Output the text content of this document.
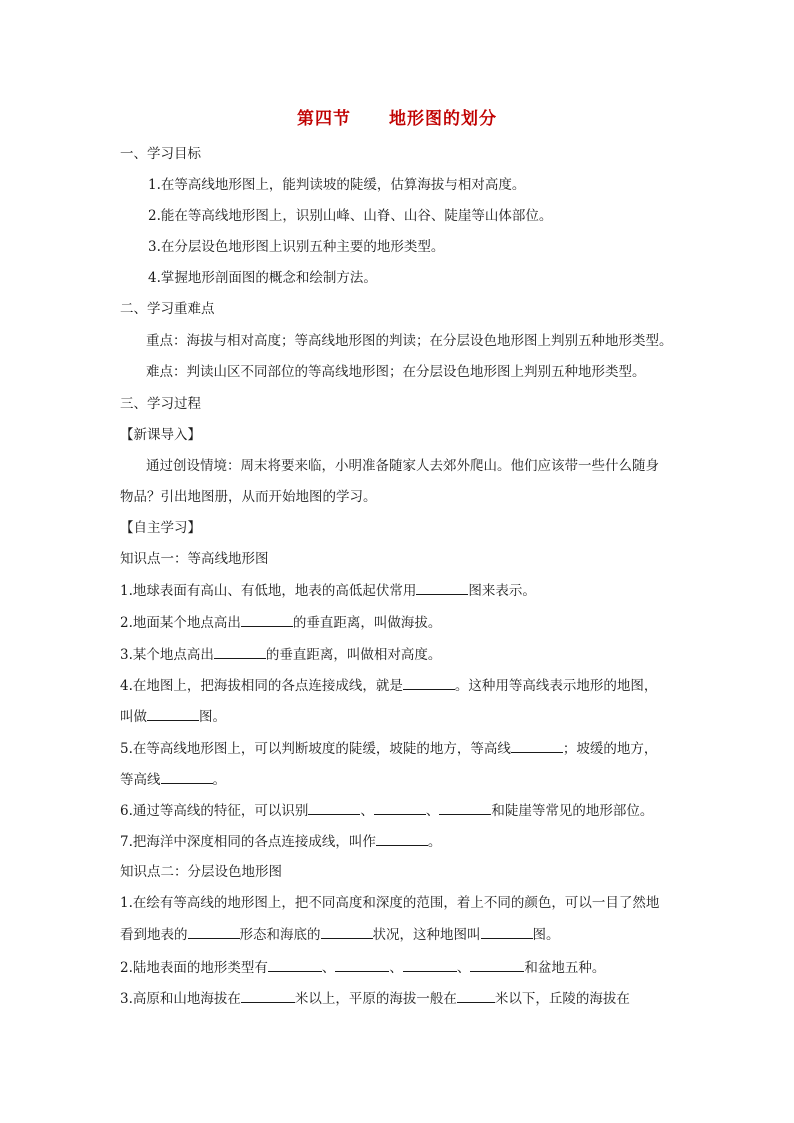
第四节 地形图的划分
一、学习目标
1.在等高线地形图上，能判读坡的陡缓，估算海拔与相对高度。
2.能在等高线地形图上，识别山峰、山脊、山谷、陡崖等山体部位。
3.在分层设色地形图上识别五种主要的地形类型。
4.掌握地形剖面图的概念和绘制方法。
二、学习重难点
重点：海拔与相对高度；等高线地形图的判读；在分层设色地形图上判别五种地形类型。
难点：判读山区不同部位的等高线地形图；在分层设色地形图上判别五种地形类型。
三、学习过程
【新课导入】
通过创设情境：周末将要来临，小明准备随家人去郊外爬山。他们应该带一些什么随身
物品？引出地图册，从而开始地图的学习。
【自主学习】
知识点一：等高线地形图
1.地球表面有高山、有低地，地表的高低起伏常用	图来表示。
2.地面某个地点高出	的垂直距离，叫做海拔。
3.某个地点高出	的垂直距离，叫做相对高度。
4.在地图上，把海拔相同的各点连接成线，就是	。这种用等高线表示地形的地图，
叫做	图。
5.在等高线地形图上，可以判断坡度的陡缓，坡陡的地方，等高线	；坡缓的地方，
等高线	。
6.通过等高线的特征，可以识别	、	、	和陡崖等常见的地形部位。
7.把海洋中深度相同的各点连接成线，叫作	。
知识点二：分层设色地形图
1.在绘有等高线的地形图上，把不同高度和深度的范围，着上不同的颜色，可以一目了然地
看到地表的	形态和海底的	状况，这种地图叫	图。
2.陆地表面的地形类型有	、	、	、	和盆地五种。
3.高原和山地海拔在	米以上，平原的海拔一般在	米以下，丘陵的海拔在
